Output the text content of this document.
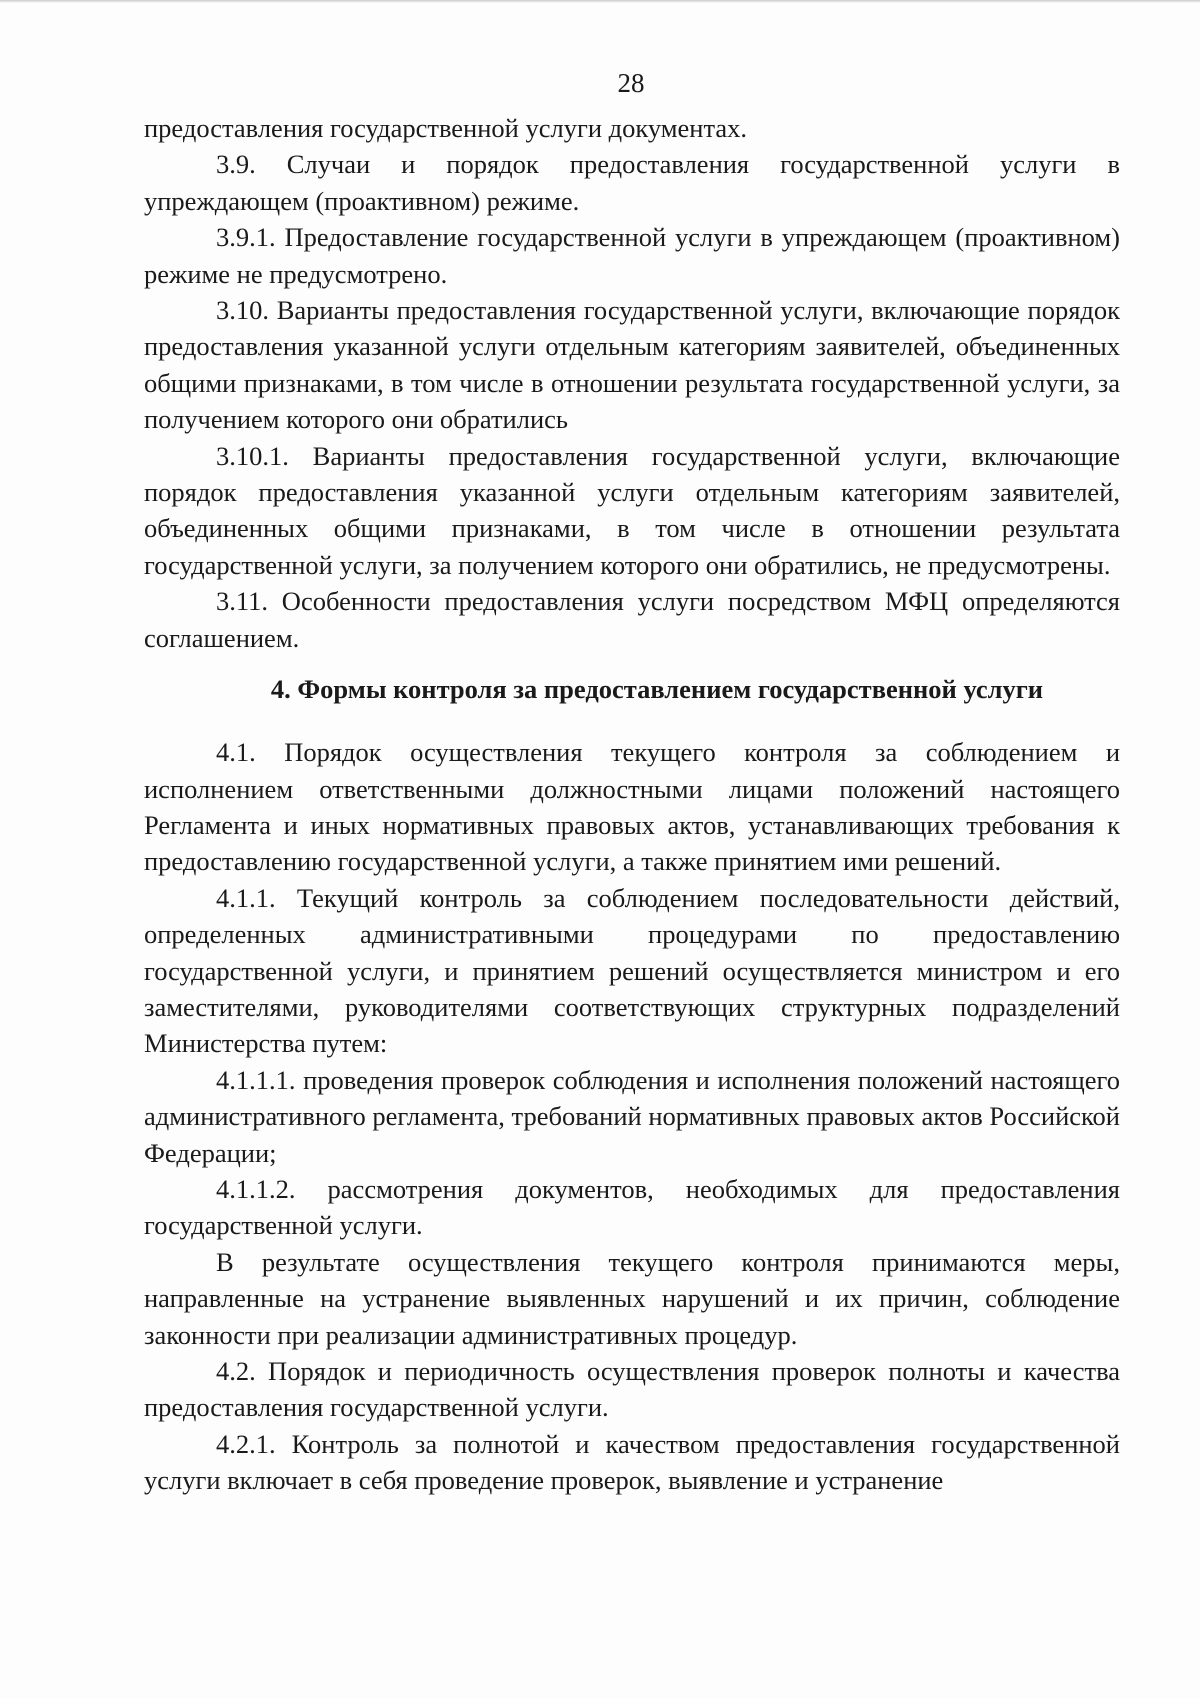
28

предоставления государственной услуги документах.

3.9. Случаи и порядок предоставления государственной услуги в упреждающем (проактивном) режиме.

3.9.1. Предоставление государственной услуги в упреждающем (проактивном) режиме не предусмотрено.

3.10. Варианты предоставления государственной услуги, включающие порядок предоставления указанной услуги отдельным категориям заявителей, объединенных общими признаками, в том числе в отношении результата государственной услуги, за получением которого они обратились

3.10.1. Варианты предоставления государственной услуги, включающие порядок предоставления указанной услуги отдельным категориям заявителей, объединенных общими признаками, в том числе в отношении результата государственной услуги, за получением которого они обратились, не предусмотрены.

3.11. Особенности предоставления услуги посредством МФЦ определяются соглашением.

4. Формы контроля за предоставлением государственной услуги

4.1. Порядок осуществления текущего контроля за соблюдением и исполнением ответственными должностными лицами положений настоящего Регламента и иных нормативных правовых актов, устанавливающих требования к предоставлению государственной услуги, а также принятием ими решений.

4.1.1. Текущий контроль за соблюдением последовательности действий, определенных административными процедурами по предоставлению государственной услуги, и принятием решений осуществляется министром и его заместителями, руководителями соответствующих структурных подразделений Министерства путем:

4.1.1.1. проведения проверок соблюдения и исполнения положений настоящего административного регламента, требований нормативных правовых актов Российской Федерации;

4.1.1.2. рассмотрения документов, необходимых для предоставления государственной услуги.

В результате осуществления текущего контроля принимаются меры, направленные на устранение выявленных нарушений и их причин, соблюдение законности при реализации административных процедур.

4.2. Порядок и периодичность осуществления проверок полноты и качества предоставления государственной услуги.

4.2.1. Контроль за полнотой и качеством предоставления государственной услуги включает в себя проведение проверок, выявление и устранение
